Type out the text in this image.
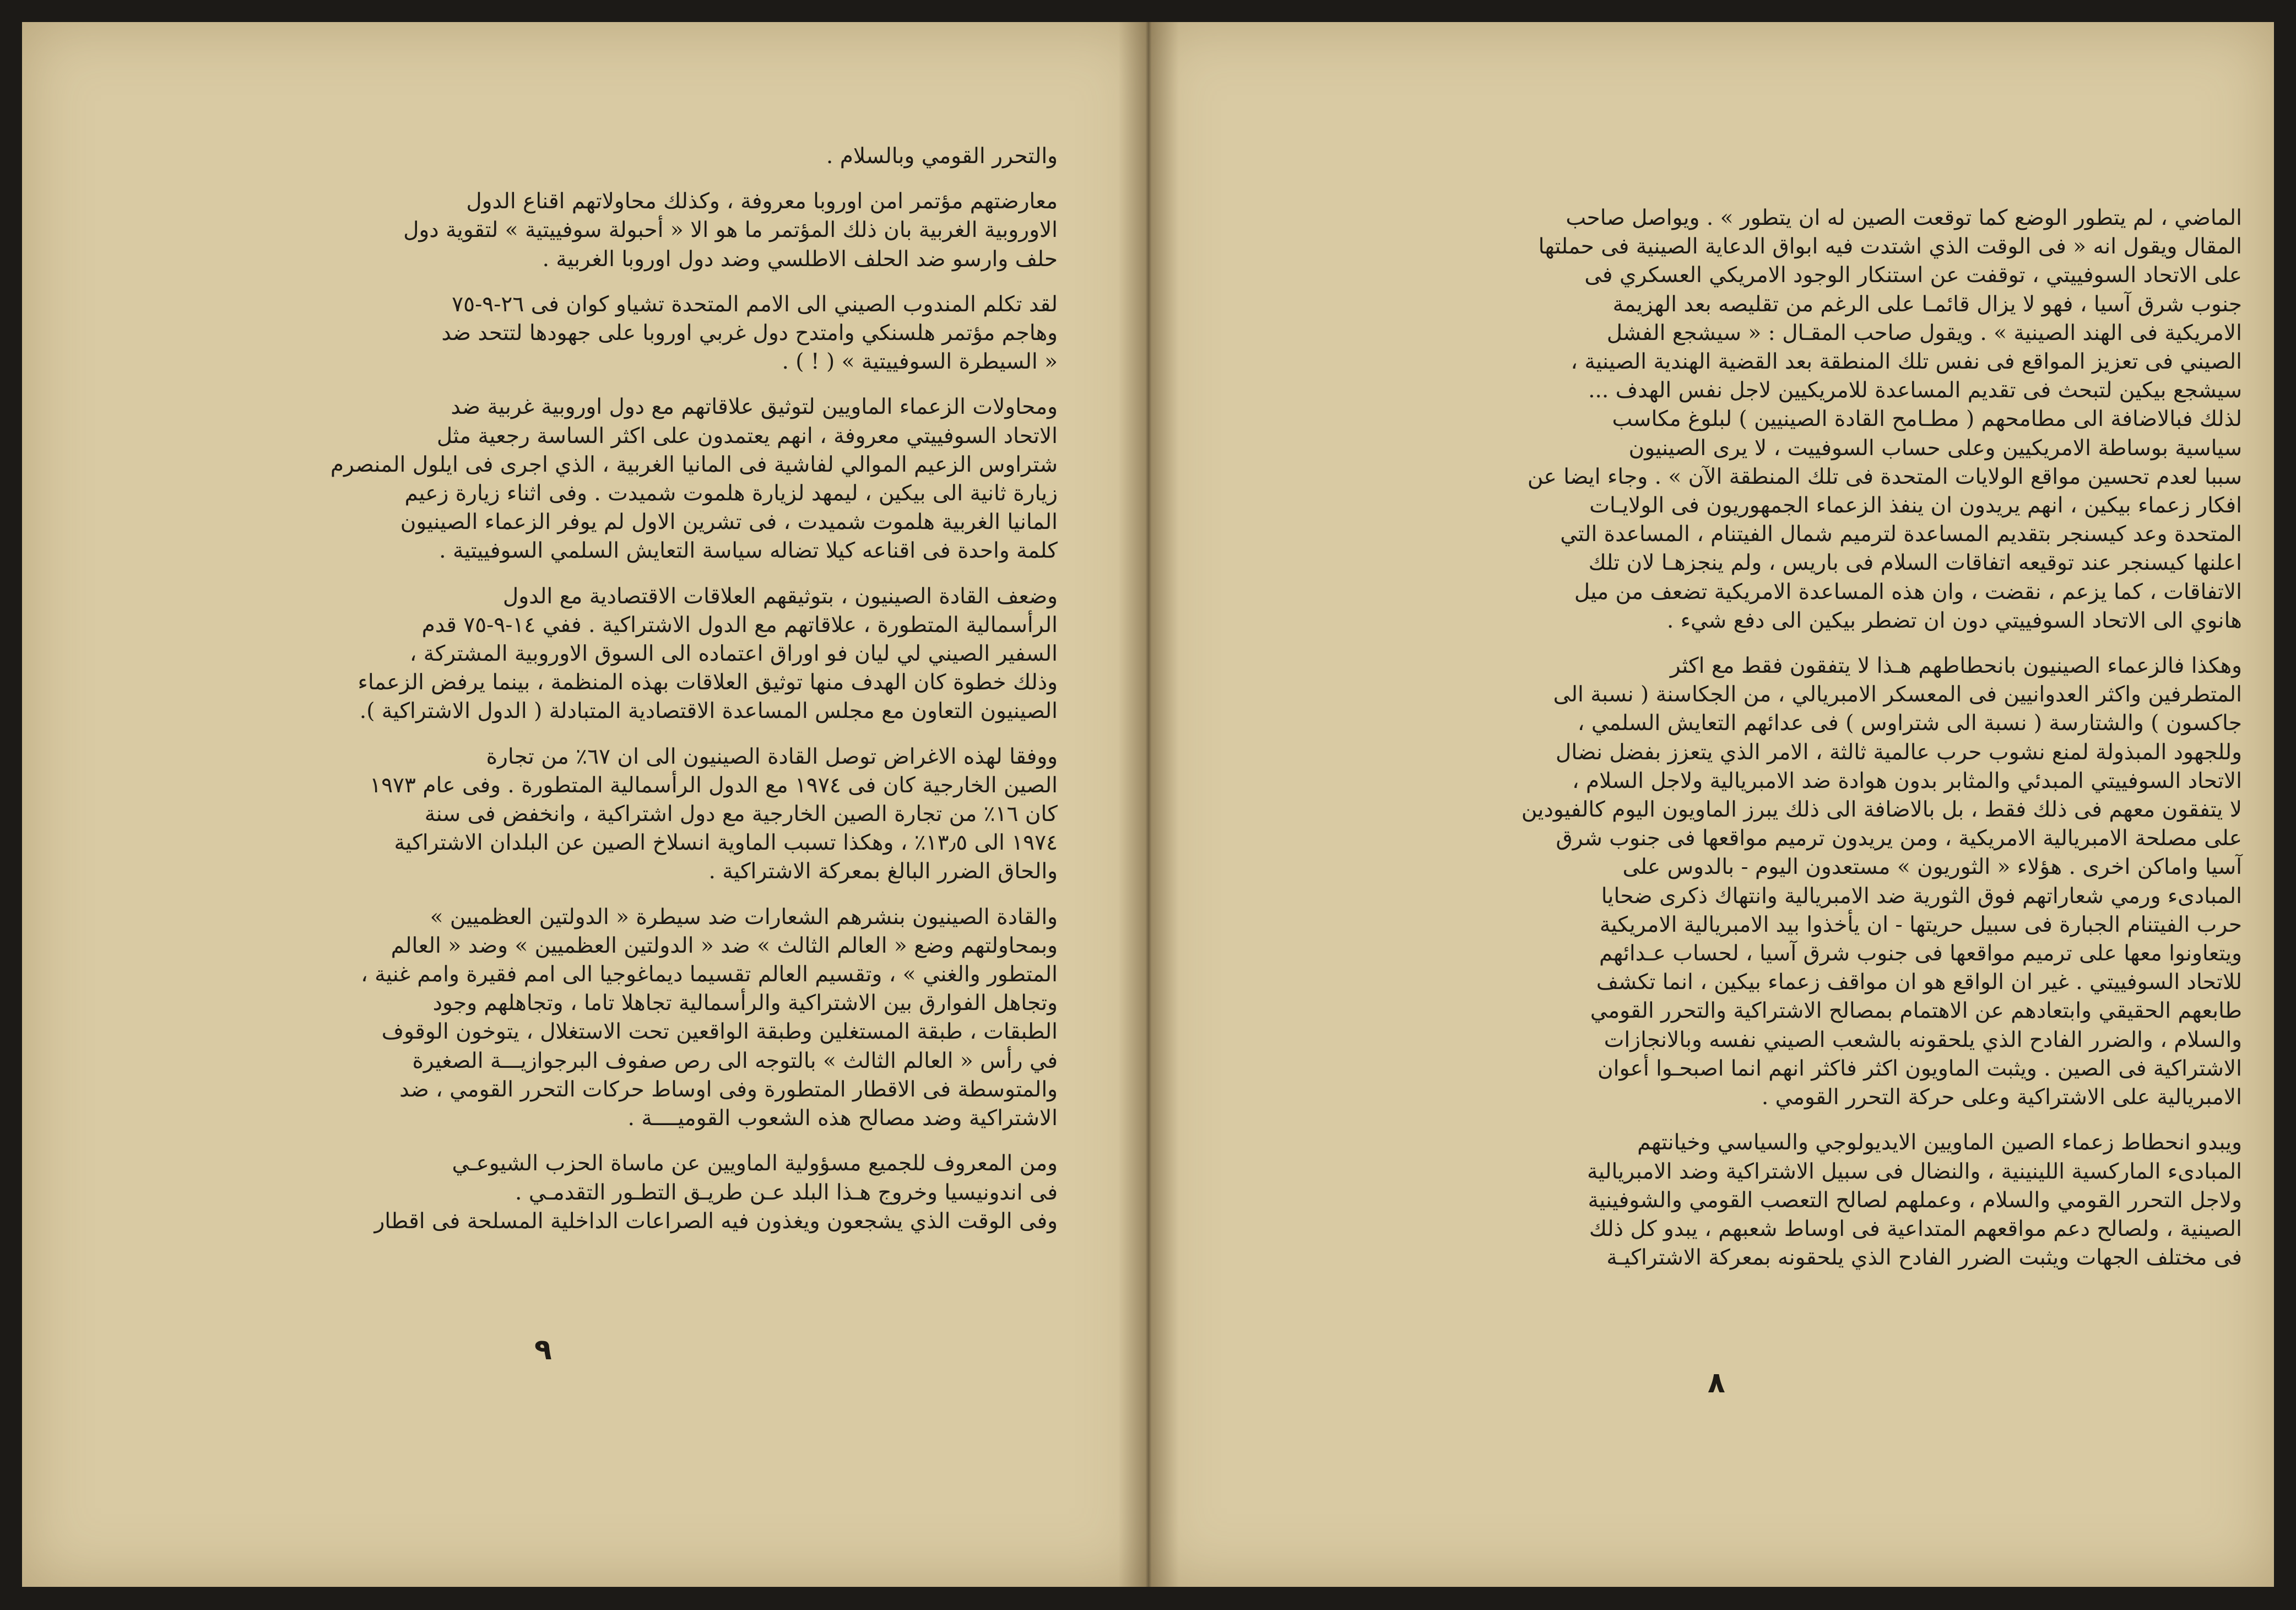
والتحرر القومي وبالسلام .
معارضتهم مؤتمر امن اوروبا معروفة ، وكذلك محاولاتهم اقناع الدول
الاوروبية الغربية بان ذلك المؤتمر ما هو الا « أحبولة سوفييتية » لتقوية دول
حلف وارسو ضد الحلف الاطلسي وضد دول اوروبا الغربية .
لقد تكلم المندوب الصيني الى الامم المتحدة تشياو كوان فى ٢٦-٩-٧٥
وهاجم مؤتمر هلسنكي وامتدح دول غربي اوروبا على جهودها لتتحد ضد
« السيطرة السوفييتية » ( ! ) .
ومحاولات الزعماء الماويين لتوثيق علاقاتهم مع دول اوروبية غربية ضد
الاتحاد السوفييتي معروفة ، انهم يعتمدون على اكثر الساسة رجعية مثل
شتراوس الزعيم الموالي لفاشية فى المانيا الغربية ، الذي اجرى فى ايلول المنصرم
زيارة ثانية الى بيكين ، ليمهد لزيارة هلموت شميدت . وفى اثناء زيارة زعيم
المانيا الغربية هلموت شميدت ، فى تشرين الاول لم يوفر الزعماء الصينيون
كلمة واحدة فى اقناعه كيلا تضاله سياسة التعايش السلمي السوفييتية .
وضعف القادة الصينيون ، بتوثيقهم العلاقات الاقتصادية مع الدول
الرأسمالية المتطورة ، علاقاتهم مع الدول الاشتراكية . ففي ١٤-٩-٧٥ قدم
السفير الصيني لي ليان فو اوراق اعتماده الى السوق الاوروبية المشتركة ،
وذلك خطوة كان الهدف منها توثيق العلاقات بهذه المنظمة ، بينما يرفض الزعماء
الصينيون التعاون مع مجلس المساعدة الاقتصادية المتبادلة ( الدول الاشتراكية ).
ووفقا لهذه الاغراض توصل القادة الصينيون الى ان ٦٧٪ من تجارة
الصين الخارجية كان فى ١٩٧٤ مع الدول الرأسمالية المتطورة . وفى عام ١٩٧٣
كان ١٦٪ من تجارة الصين الخارجية مع دول اشتراكية ، وانخفض فى سنة
١٩٧٤ الى ١٣٫٥٪ ، وهكذا تسبب الماوية انسلاخ الصين عن البلدان الاشتراكية
والحاق الضرر البالغ بمعركة الاشتراكية .
والقادة الصينيون بنشرهم الشعارات ضد سيطرة « الدولتين العظميين »
وبمحاولتهم وضع « العالم الثالث » ضد « الدولتين العظميين » وضد « العالم
المتطور والغني » ، وتقسيم العالم تقسيما ديماغوجيا الى امم فقيرة وامم غنية ،
وتجاهل الفوارق بين الاشتراكية والرأسمالية تجاهلا تاما ، وتجاهلهم وجود
الطبقات ، طبقة المستغلين وطبقة الواقعين تحت الاستغلال ، يتوخون الوقوف
في رأس « العالم الثالث » بالتوجه الى رص صفوف البرجوازيـــة الصغيرة
والمتوسطة فى الاقطار المتطورة وفى اوساط حركات التحرر القومي ، ضد
الاشتراكية وضد مصالح هذه الشعوب القوميــــة .
ومن المعروف للجميع مسؤولية الماويين عن ماساة الحزب الشيوعـي
فى اندونيسيا وخروج هـذا البلد عـن طريـق التطـور التقدمـي .
وفى الوقت الذي يشجعون ويغذون فيه الصراعات الداخلية المسلحة فى اقطار
الماضي ، لم يتطور الوضع كما توقعت الصين له ان يتطور » . ويواصل صاحب
المقال ويقول انه « فى الوقت الذي اشتدت فيه ابواق الدعاية الصينية فى حملتها
على الاتحاد السوفييتي ، توقفت عن استنكار الوجود الامريكي العسكري فى
جنوب شرق آسيا ، فهو لا يزال قائمـا على الرغم من تقليصه بعد الهزيمة
الامريكية فى الهند الصينية » . ويقول صاحب المقـال : « سيشجع الفشل
الصيني فى تعزيز المواقع فى نفس تلك المنطقة بعد القضية الهندية الصينية ،
سيشجع بيكين لتبحث فى تقديم المساعدة للامريكيين لاجل نفس الهدف ...
لذلك فبالاضافة الى مطامحهم ( مطـامح القادة الصينيين ) لبلوغ مكاسب
سياسية بوساطة الامريكيين وعلى حساب السوفييت ، لا يرى الصينيون
سببا لعدم تحسين مواقع الولايات المتحدة فى تلك المنطقة الآن » . وجاء ايضا عن
افكار زعماء بيكين ، انهم يريدون ان ينفذ الزعماء الجمهوريون فى الولايـات
المتحدة وعد كيسنجر بتقديم المساعدة لترميم شمال الفيتنام ، المساعدة التي
اعلنها كيسنجر عند توقيعه اتفاقات السلام فى باريس ، ولم ينجزهـا لان تلك
الاتفاقات ، كما يزعم ، نقضت ، وان هذه المساعدة الامريكية تضعف من ميل
هانوي الى الاتحاد السوفييتي دون ان تضطر بيكين الى دفع شيء .
وهكذا فالزعماء الصينيون بانحطاطهم هـذا لا يتفقون فقط مع اكثر
المتطرفين واكثر العدوانيين فى المعسكر الامبريالي ، من الجكاسنة ( نسبة الى
جاكسون ) والشتارسة ( نسبة الى شتراوس ) فى عدائهم التعايش السلمي ،
وللجهود المبذولة لمنع نشوب حرب عالمية ثالثة ، الامر الذي يتعزز بفضل نضال
الاتحاد السوفييتي المبدئي والمثابر بدون هوادة ضد الامبريالية ولاجل السلام ،
لا يتفقون معهم فى ذلك فقط ، بل بالاضافة الى ذلك يبرز الماويون اليوم كالفيودين
على مصلحة الامبريالية الامريكية ، ومن يريدون ترميم مواقعها فى جنوب شرق
آسيا واماكن اخرى . هؤلاء « الثوريون » مستعدون اليوم - بالدوس على
المبادىء ورمي شعاراتهم فوق الثورية ضد الامبريالية وانتهاك ذكرى ضحايا
حرب الفيتنام الجبارة فى سبيل حريتها - ان يأخذوا بيد الامبريالية الامريكية
ويتعاونوا معها على ترميم مواقعها فى جنوب شرق آسيا ، لحساب عـدائهم
للاتحاد السوفييتي . غير ان الواقع هو ان مواقف زعماء بيكين ، انما تكشف
طابعهم الحقيقي وابتعادهم عن الاهتمام بمصالح الاشتراكية والتحرر القومي
والسلام ، والضرر الفادح الذي يلحقونه بالشعب الصيني نفسه وبالانجازات
الاشتراكية فى الصين . ويثبت الماويون اكثر فاكثر انهم انما اصبحـوا أعوان
الامبريالية على الاشتراكية وعلى حركة التحرر القومي .
ويبدو انحطاط زعماء الصين الماويين الايديولوجي والسياسي وخيانتهم
المبادىء الماركسية اللينينية ، والنضال فى سبيل الاشتراكية وضد الامبريالية
ولاجل التحرر القومي والسلام ، وعملهم لصالح التعصب القومي والشوفينية
الصينية ، ولصالح دعم مواقعهم المتداعية فى اوساط شعبهم ، يبدو كل ذلك
فى مختلف الجهات ويثبت الضرر الفادح الذي يلحقونه بمعركة الاشتراكيـة
٩
٨
